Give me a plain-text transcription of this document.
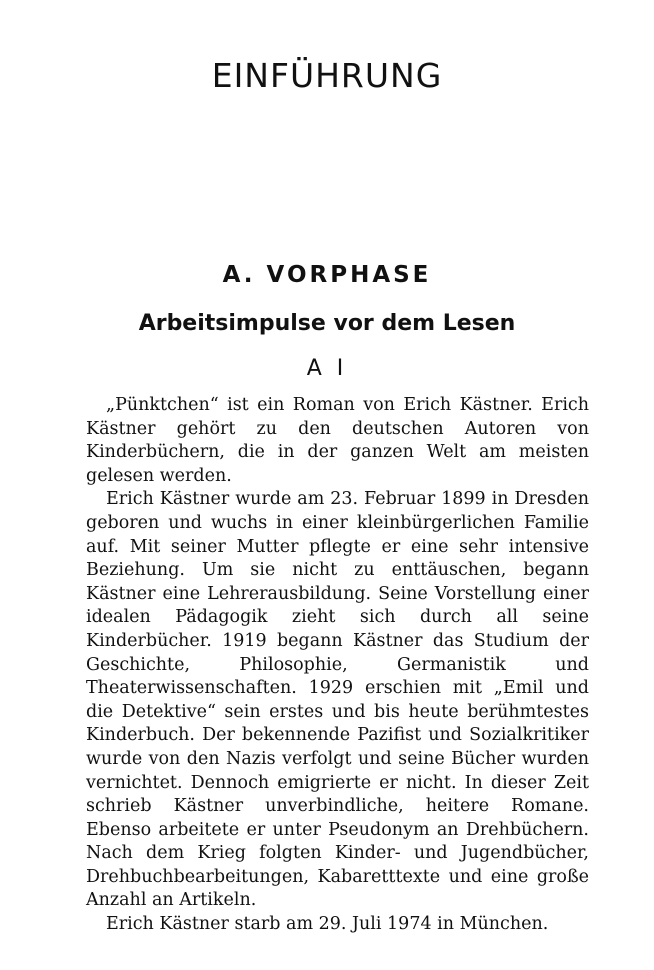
EINFÜHRUNG
A. VORPHASE
Arbeitsimpulse vor dem Lesen
A I

„Pünktchen“ ist ein Roman von Erich Kästner. Erich Kästner gehört zu den deutschen Autoren von Kinderbüchern, die in der ganzen Welt am meisten gelesen werden.

Erich Kästner wurde am 23. Februar 1899 in Dresden geboren und wuchs in einer kleinbürgerlichen Familie auf. Mit seiner Mutter pflegte er eine sehr intensive Beziehung. Um sie nicht zu enttäuschen, begann Kästner eine Lehrerausbildung. Seine Vorstellung einer idealen Pädagogik zieht sich durch all seine Kinderbücher. 1919 begann Kästner das Studium der Geschichte, Philosophie, Germanistik und Theaterwissenschaften. 1929 erschien mit „Emil und die Detektive“ sein erstes und bis heute berühmtestes Kinderbuch. Der bekennende Pazifist und Sozialkritiker wurde von den Nazis verfolgt und seine Bücher wurden vernichtet. Dennoch emigrierte er nicht. In dieser Zeit schrieb Kästner unverbindliche, heitere Romane. Ebenso arbeitete er unter Pseudonym an Drehbüchern. Nach dem Krieg folgten Kinder- und Jugendbücher, Drehbuchbearbeitungen, Kabaretttexte und eine große Anzahl an Artikeln.

Erich Kästner starb am 29. Juli 1974 in München.
